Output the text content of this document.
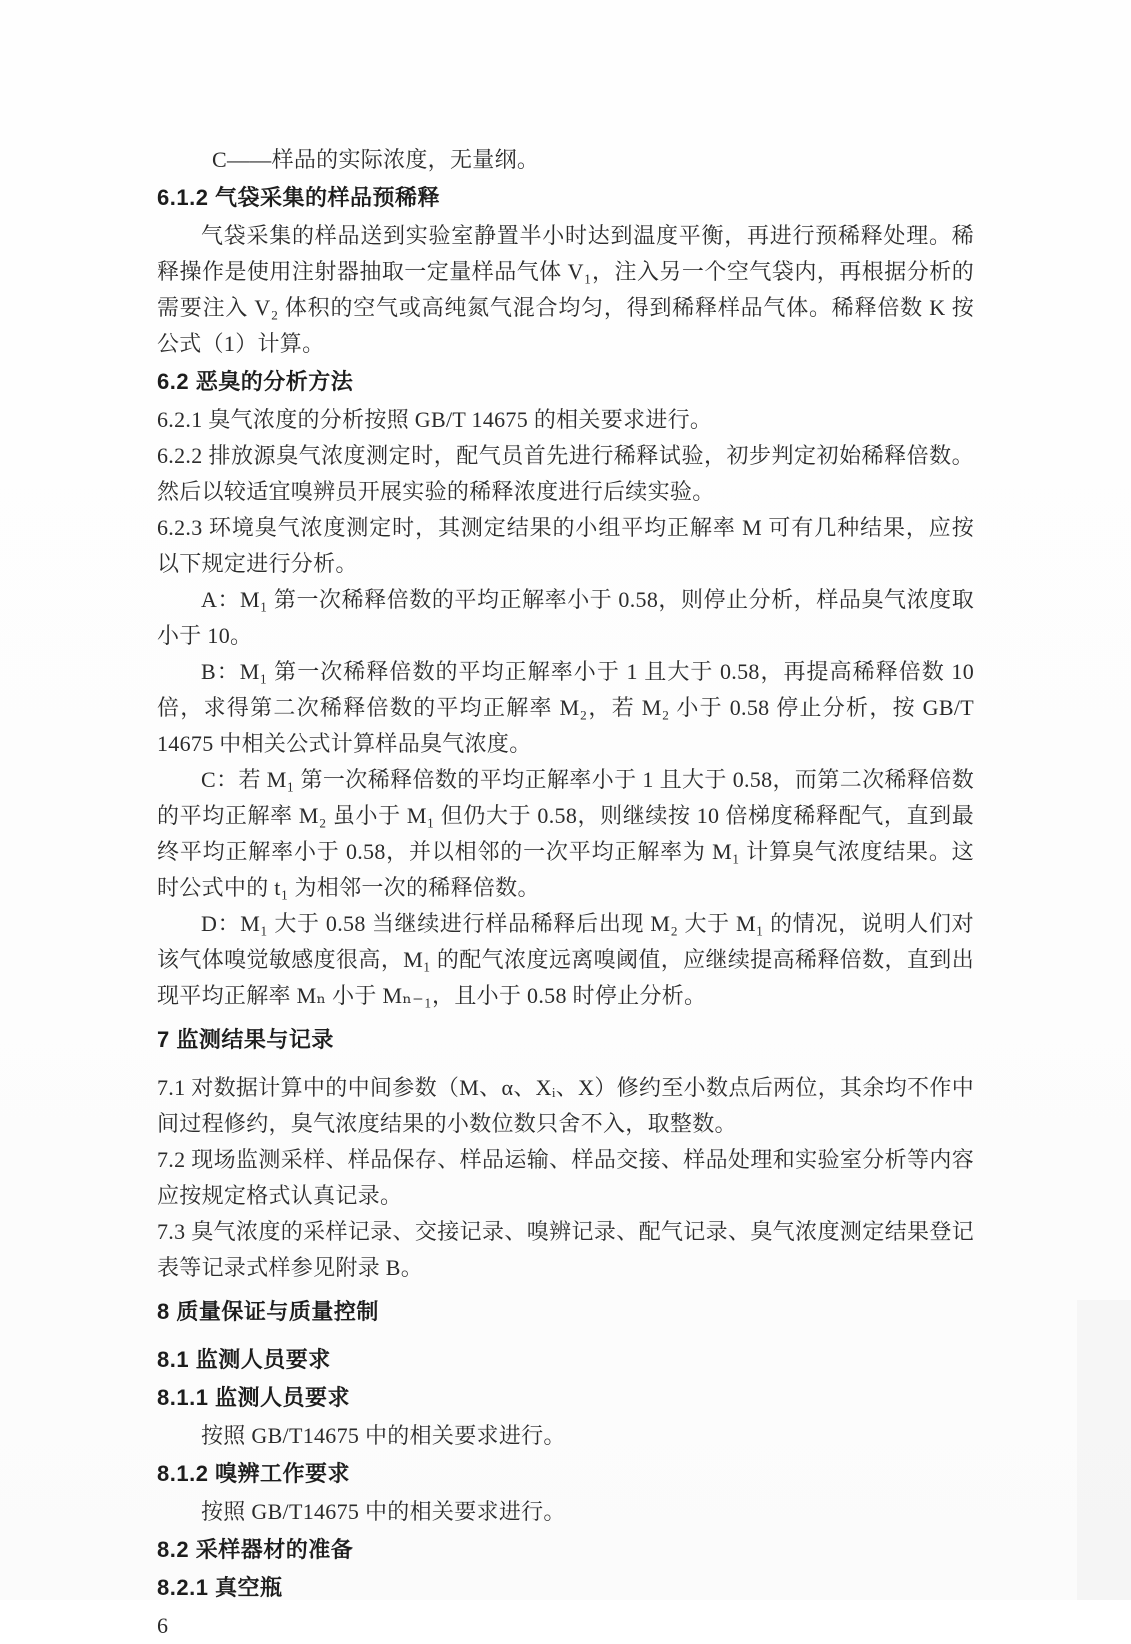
C——样品的实际浓度，无量纲。

6.1.2 气袋采集的样品预稀释

气袋采集的样品送到实验室静置半小时达到温度平衡，再进行预稀释处理。稀释操作是使用注射器抽取一定量样品气体 V₁，注入另一个空气袋内，再根据分析的需要注入 V₂ 体积的空气或高纯氮气混合均匀，得到稀释样品气体。稀释倍数 K 按公式（1）计算。

6.2 恶臭的分析方法

6.2.1 臭气浓度的分析按照 GB/T 14675 的相关要求进行。

6.2.2 排放源臭气浓度测定时，配气员首先进行稀释试验，初步判定初始稀释倍数。然后以较适宜嗅辨员开展实验的稀释浓度进行后续实验。

6.2.3 环境臭气浓度测定时，其测定结果的小组平均正解率 M 可有几种结果，应按以下规定进行分析。

A：M₁ 第一次稀释倍数的平均正解率小于 0.58，则停止分析，样品臭气浓度取小于 10。

B：M₁ 第一次稀释倍数的平均正解率小于 1 且大于 0.58，再提高稀释倍数 10 倍，求得第二次稀释倍数的平均正解率 M₂，若 M₂ 小于 0.58 停止分析，按 GB/T 14675 中相关公式计算样品臭气浓度。

C：若 M₁ 第一次稀释倍数的平均正解率小于 1 且大于 0.58，而第二次稀释倍数的平均正解率 M₂ 虽小于 M₁ 但仍大于 0.58，则继续按 10 倍梯度稀释配气，直到最终平均正解率小于 0.58，并以相邻的一次平均正解率为 M₁ 计算臭气浓度结果。这时公式中的 t₁ 为相邻一次的稀释倍数。

D：M₁ 大于 0.58 当继续进行样品稀释后出现 M₂ 大于 M₁ 的情况，说明人们对该气体嗅觉敏感度很高，M₁ 的配气浓度远离嗅阈值，应继续提高稀释倍数，直到出现平均正解率 Mₙ 小于 Mₙ₋₁，且小于 0.58 时停止分析。

7 监测结果与记录

7.1 对数据计算中的中间参数（M、α、Xᵢ、X）修约至小数点后两位，其余均不作中间过程修约，臭气浓度结果的小数位数只舍不入，取整数。

7.2 现场监测采样、样品保存、样品运输、样品交接、样品处理和实验室分析等内容应按规定格式认真记录。

7.3 臭气浓度的采样记录、交接记录、嗅辨记录、配气记录、臭气浓度测定结果登记表等记录式样参见附录 B。

8 质量保证与质量控制

8.1 监测人员要求

8.1.1 监测人员要求

按照 GB/T14675 中的相关要求进行。

8.1.2 嗅辨工作要求

按照 GB/T14675 中的相关要求进行。

8.2 采样器材的准备

8.2.1 真空瓶

6
